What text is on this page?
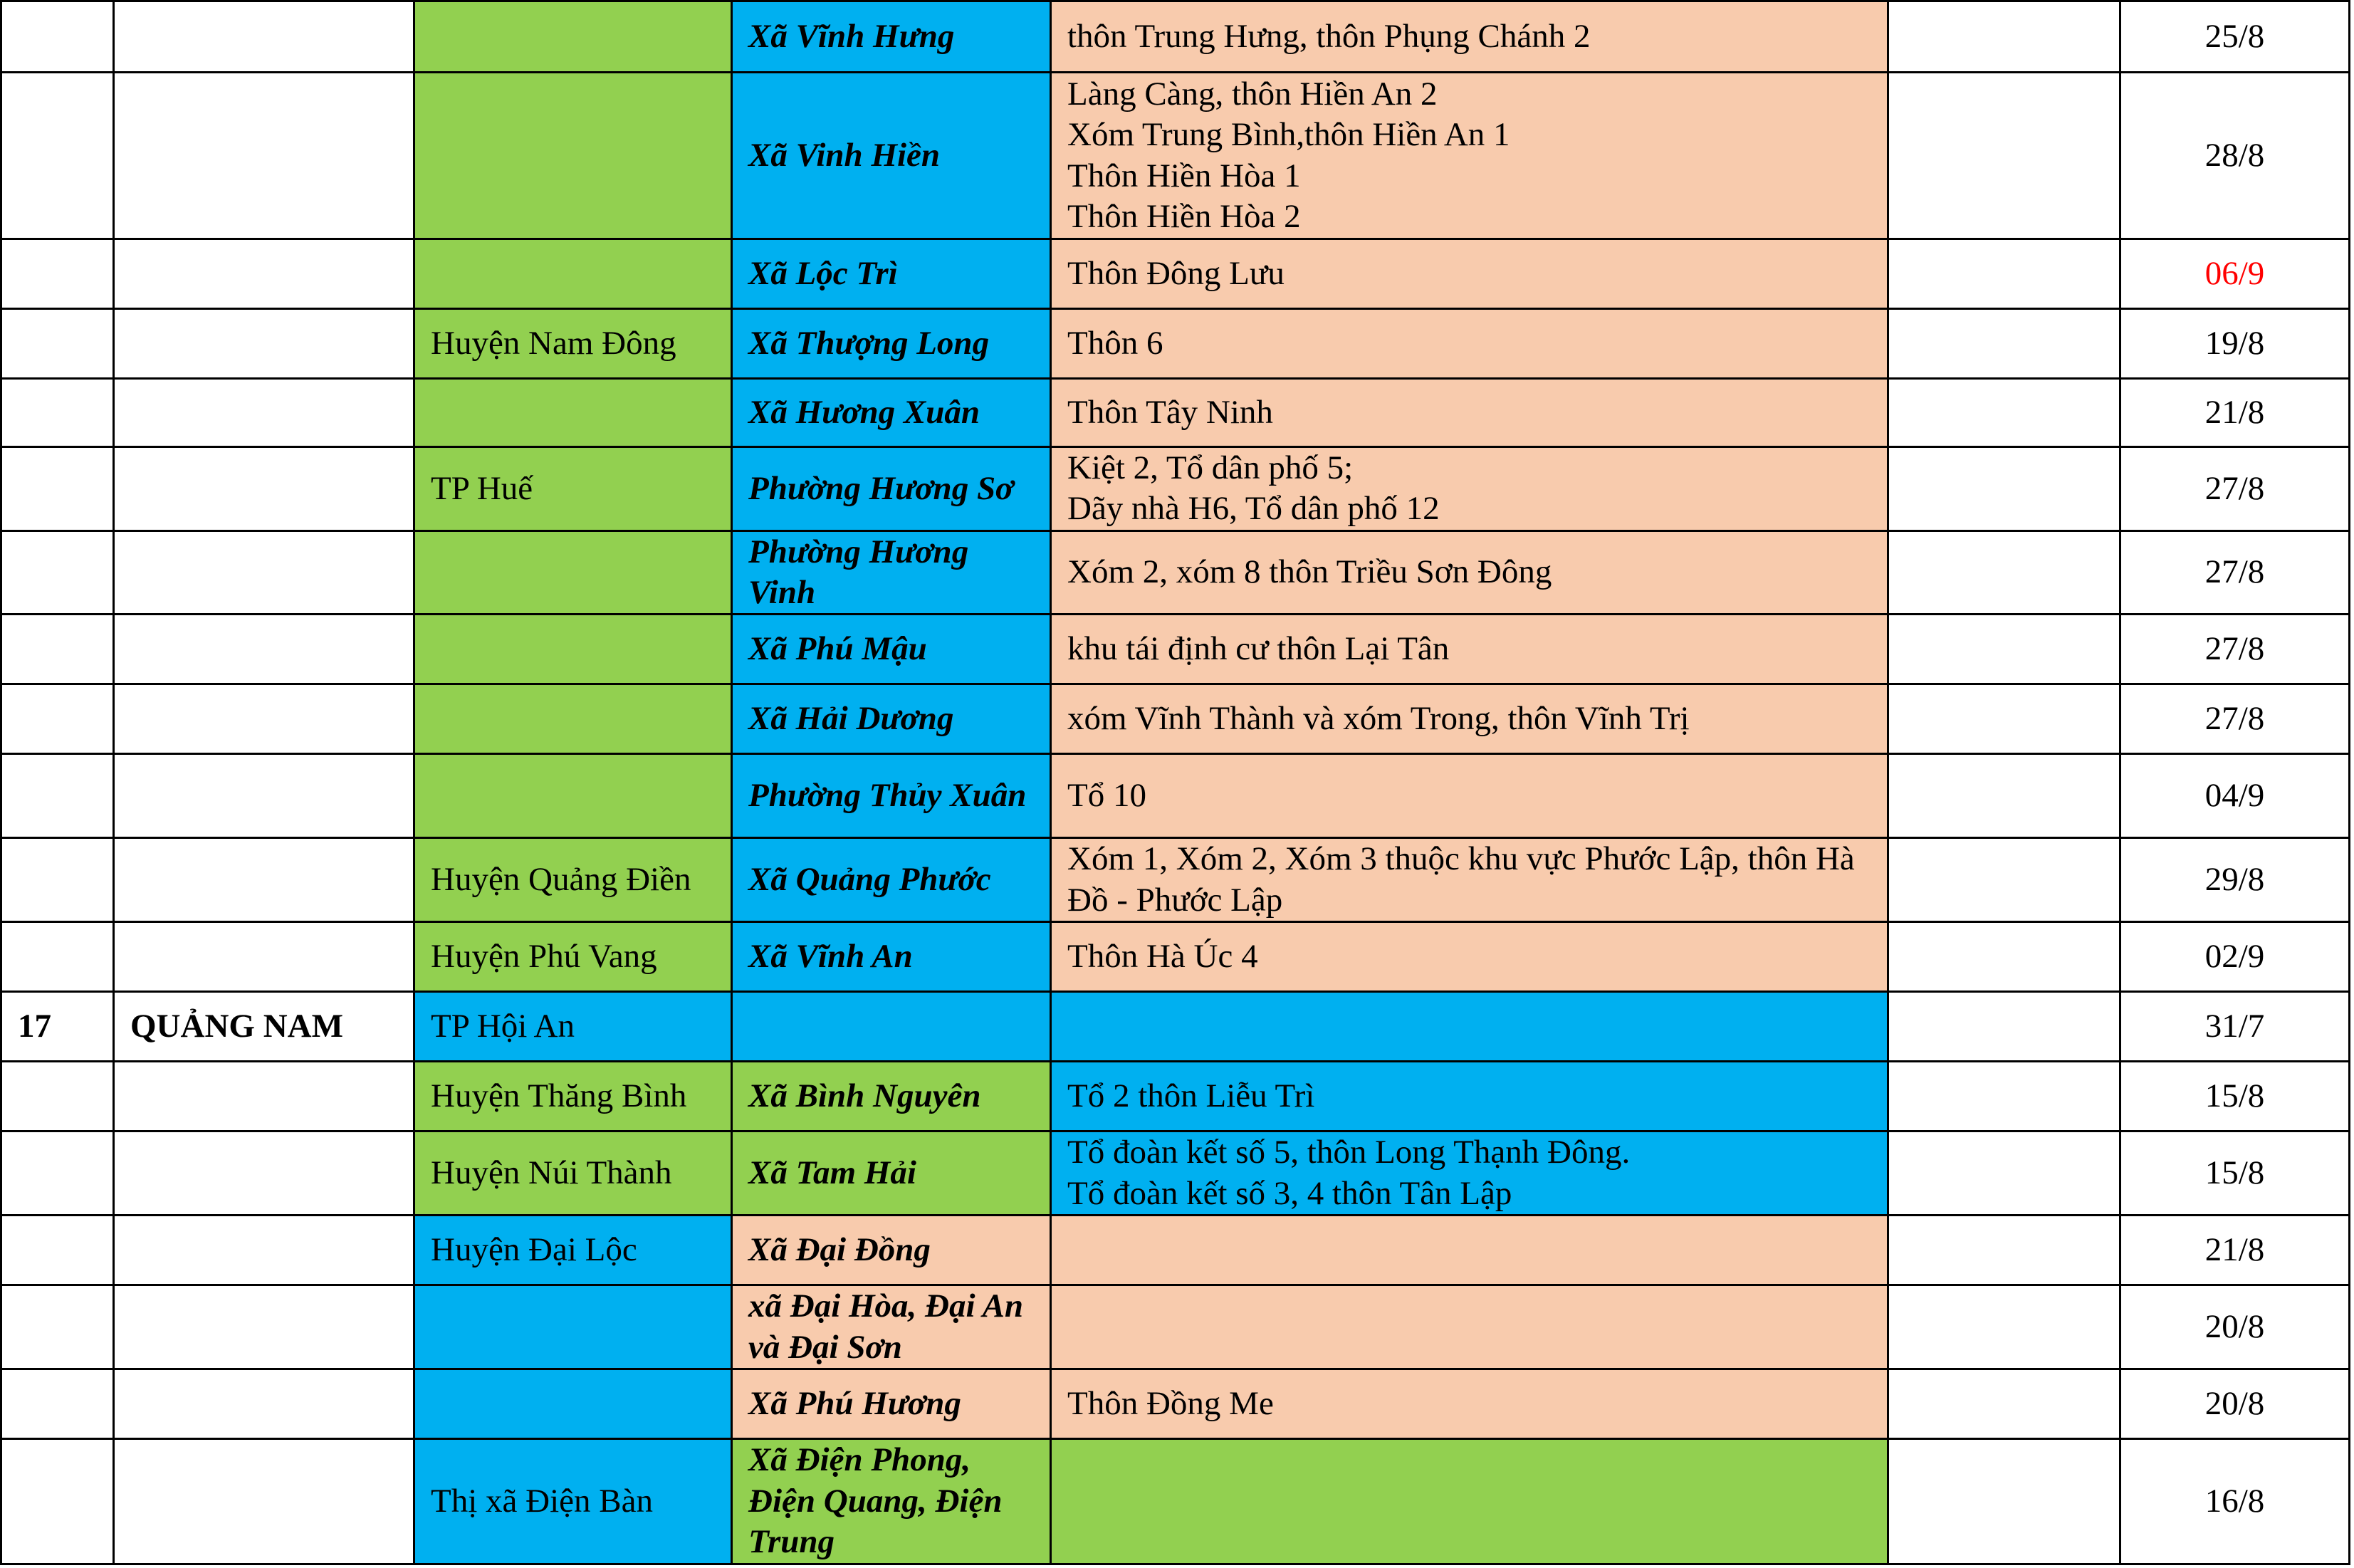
			Xã Vĩnh Hưng	thôn Trung Hưng, thôn Phụng Chánh 2		25/8
			Xã Vinh Hiền	Làng Càng, thôn Hiền An 2
Xóm Trung Bình,thôn Hiền An 1
Thôn Hiền Hòa 1
Thôn Hiền Hòa 2		28/8
			Xã Lộc Trì	Thôn Đông Lưu		06/9
		Huyện Nam Đông	Xã Thượng Long	Thôn 6		19/8
			Xã Hương Xuân	Thôn Tây Ninh		21/8
		TP Huế	Phường Hương Sơ	Kiệt 2, Tổ dân phố 5;
Dãy nhà H6, Tổ dân phố 12		27/8
			Phường Hương Vinh	Xóm 2, xóm 8 thôn Triều Sơn Đông		27/8
			Xã Phú Mậu	khu tái định cư thôn Lại Tân		27/8
			Xã Hải Dương	xóm Vĩnh Thành và xóm Trong, thôn Vĩnh Trị		27/8
			Phường Thủy Xuân	Tổ 10		04/9
		Huyện Quảng Điền	Xã Quảng Phước	Xóm 1, Xóm 2, Xóm 3 thuộc khu vực Phước Lập, thôn Hà Đồ - Phước Lập		29/8
		Huyện Phú Vang	Xã Vĩnh An	Thôn Hà Úc 4		02/9
17	QUẢNG NAM	TP Hội An				31/7
		Huyện Thăng Bình	Xã Bình Nguyên	Tổ 2 thôn Liễu Trì		15/8
		Huyện Núi Thành	Xã Tam Hải	Tổ đoàn kết số 5, thôn Long Thạnh Đông.
Tổ đoàn kết số 3, 4 thôn Tân Lập		15/8
		Huyện Đại Lộc	Xã Đại Đồng			21/8
			xã Đại Hòa, Đại An và Đại Sơn			20/8
			Xã Phú Hương	Thôn Đồng Me		20/8
		Thị xã Điện Bàn	Xã Điện Phong, Điện Quang, Điện Trung			16/8
